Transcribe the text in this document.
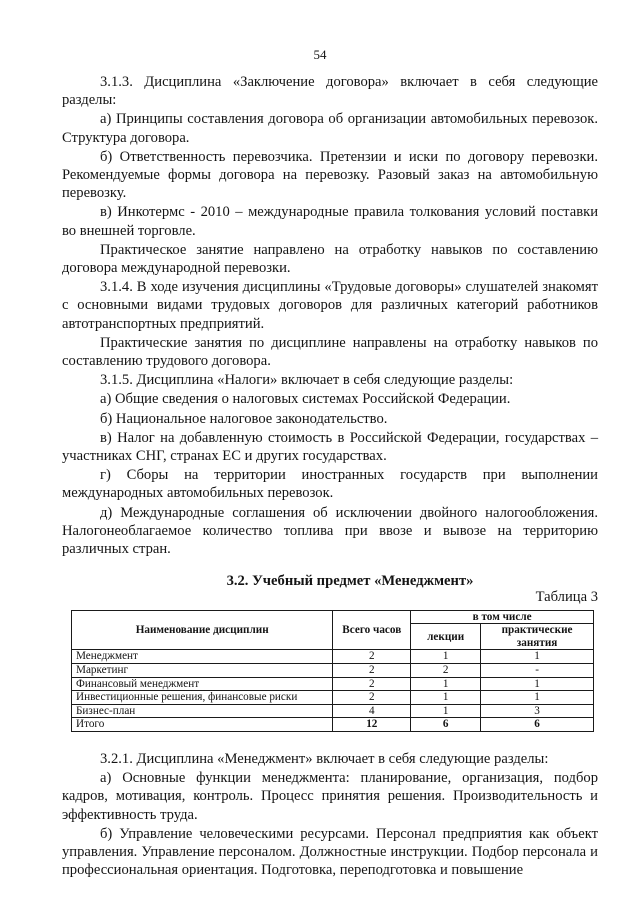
54

3.1.3. Дисциплина «Заключение договора» включает в себя следующие разделы:

а) Принципы составления договора об организации автомобильных перевозок. Структура договора.

б) Ответственность перевозчика. Претензии и иски по договору перевозки. Рекомендуемые формы договора на перевозку. Разовый заказ на автомобильную перевозку.

в) Инкотермс - 2010 – международные правила толкования условий поставки во внешней торговле.

Практическое занятие направлено на отработку навыков по составлению договора международной перевозки.

3.1.4. В ходе изучения дисциплины «Трудовые договоры» слушателей знакомят с основными видами трудовых договоров для различных категорий работников автотранспортных предприятий.

Практические занятия по дисциплине направлены на отработку навыков по составлению трудового договора.

3.1.5. Дисциплина «Налоги» включает в себя следующие разделы:

а) Общие сведения о налоговых системах Российской Федерации.

б) Национальное налоговое законодательство.

в) Налог на добавленную стоимость в Российской Федерации, государствах – участниках СНГ, странах ЕС и других государствах.

г) Сборы на территории иностранных государств при выполнении международных автомобильных перевозок.

д) Международные соглашения об исключении двойного налогообложения. Налогонеоблагаемое количество топлива при ввозе и вывозе на территорию различных стран.

3.2. Учебный предмет «Менеджмент»

Таблица 3

Наименование дисциплин	Всего часов	в том числе	
		лекции	практические занятия
Менеджмент	2	1	1
Маркетинг	2	2	-
Финансовый менеджмент	2	1	1
Инвестиционные решения, финансовые риски	2	1	1
Бизнес-план	4	1	3
Итого	12	6	6

3.2.1. Дисциплина «Менеджмент» включает в себя следующие разделы:

а) Основные функции менеджмента: планирование, организация, подбор кадров, мотивация, контроль. Процесс принятия решения. Производительность и эффективность труда.

б) Управление человеческими ресурсами. Персонал предприятия как объект управления. Управление персоналом. Должностные инструкции. Подбор персонала и профессиональная ориентация. Подготовка, переподготовка и повышение
